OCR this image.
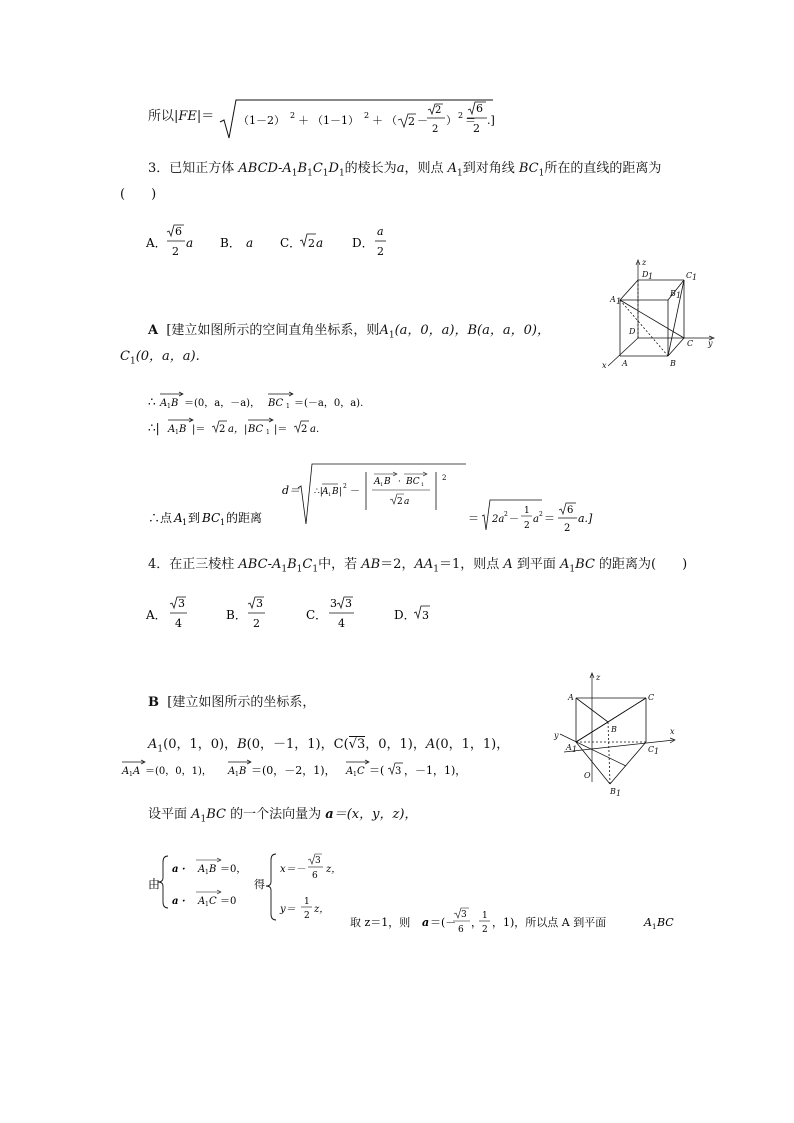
所以|FE|＝ （1－2） 2 ＋ （1－1） 2 ＋ （ 2 －
2
2
） 2 ＝
6
2
.]
3．已知正方体 ABCD-$A_1B_1C_1D_1$的棱长为a，则点 $A_1$到对角线 $BC_1$所在的直线的距离为
(　　)
A．
6
2
a B． a C． 2 a D．
a
2
z
y
x
D 1	C 1
A 1
B 1
D
C
A	B
A [建立如图所示的空间直角坐标系，则$A_1(a$，0，a)，B(a，a，0)，
$C_1(0$，a，a).
∴ A 1 B ＝(0，a，－a)， BC 1 ＝(－a，0，a).
∴| A 1 B |＝ 2 a，| BC 1 |＝ 2 a.
∴点 A 1 到 BC 1 的距离
d＝ ∴| A 1 B |
2 －
A 1 B · BC 1
2 a
2
＝ 2a 2 －
1
2
a 2 ＝
6
2
a.]
4．在正三棱柱 ABC-$A_1B_1C_1$中，若 AB＝2，$AA_1=1$，则点 A 到平面 $A_1BC$ 的距离为(　　)
A．
3
4
B．
3
2
C．
3 3
4
D． 3
B [建立如图所示的坐标系，
z
x
y
A	C
B
A 1	C 1
O
B 1
$A_1(0$，1，0)，B(0，－1，1)，C(√3，0，1)，A(0，1，1)，
A 1 A ＝(0，0，1)， A 1 B ＝(0，－2，1)， A 1 C ＝( 3 ，－1，1)，
设平面 $A_1BC$ 的一个法向量为 a＝(x，y，z)，
由
a · A 1 B ＝0，
a · A 1 C ＝0
得
x＝－
3
6
z，
y＝
1
2
z，
取 z＝1，则 a ＝(－
3
6
， 1
2
，1)，所以点 A 到平面	A 1 BC
